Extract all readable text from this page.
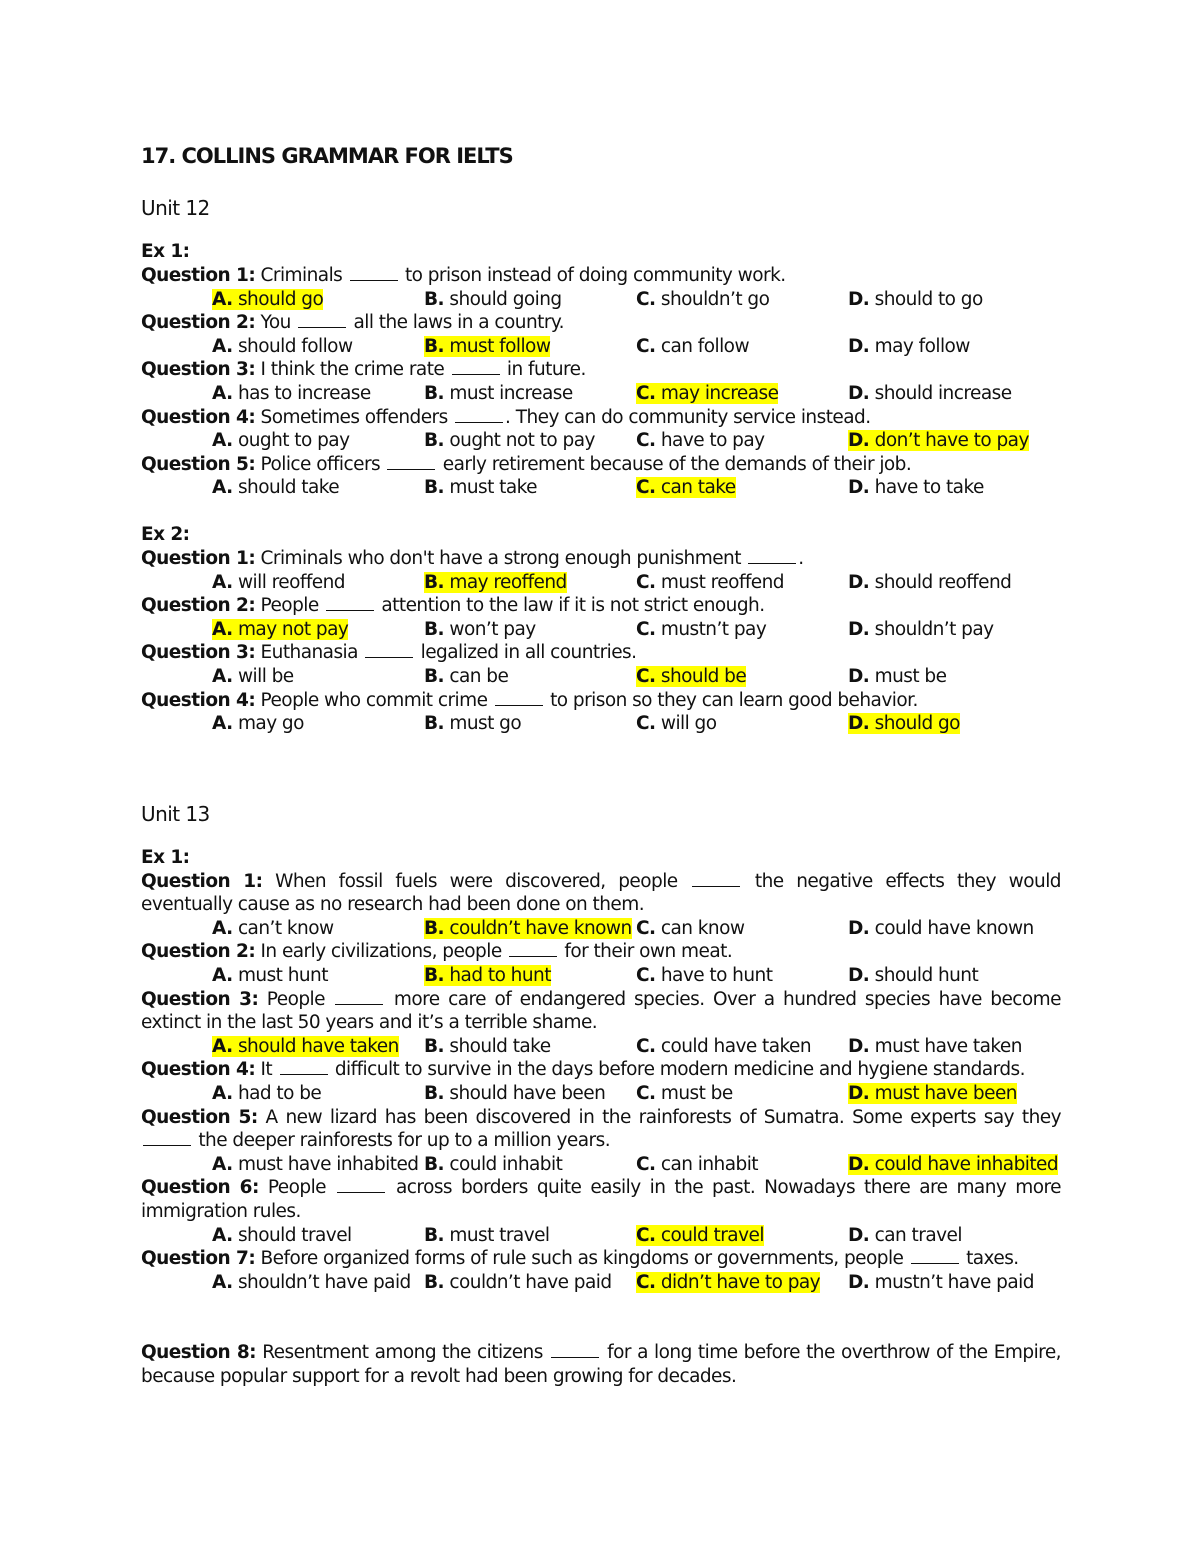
17. COLLINS GRAMMAR FOR IELTS
Unit 12
Ex 1:
Question 1: Criminals	to prison instead of doing community work.
A. should go	B. should going	C. shouldn’t go	D. should to go
Question 2: You	all the laws in a country.
A. should follow	B. must follow	C. can follow	D. may follow
Question 3: I think the crime rate	in future.
A. has to increase	B. must increase	C. may increase	D. should increase
Question 4: Sometimes offenders	. They can do community service instead.
A. ought to pay	B. ought not to pay	C. have to pay	D. don’t have to pay
Question 5: Police officers	early retirement because of the demands of their job.
A. should take	B. must take	C. can take	D. have to take
Ex 2:
Question 1: Criminals who don't have a strong enough punishment	.
A. will reoffend	B. may reoffend	C. must reoffend	D. should reoffend
Question 2: People	attention to the law if it is not strict enough.
A. may not pay	B. won’t pay	C. mustn’t pay	D. shouldn’t pay
Question 3: Euthanasia	legalized in all countries.
A. will be	B. can be	C. should be	D. must be
Question 4: People who commit crime	to prison so they can learn good behavior.
A. may go	B. must go	C. will go	D. should go
Unit 13
Ex 1:
Question 1: When fossil fuels were discovered, people	the negative effects they would eventually cause as no research had been done on them.
A. can’t know	B. couldn’t have known C. can know	D. could have known
Question 2: In early civilizations, people	for their own meat.
A. must hunt	B. had to hunt	C. have to hunt	D. should hunt
Question 3: People	more care of endangered species. Over a hundred species have become extinct in the last 50 years and it’s a terrible shame.
A. should have taken	B. should take	C. could have taken	D. must have taken
Question 4: It	difficult to survive in the days before modern medicine and hygiene standards.
A. had to be	B. should have been	C. must be	D. must have been
Question 5: A new lizard has been discovered in the rainforests of Sumatra. Some experts say they  the deeper rainforests for up to a million years.
A. must have inhabited B. could inhabit	C. can inhabit	D. could have inhabited
Question 6: People	across borders quite easily in the past. Nowadays there are many more immigration rules.
A. should travel	B. must travel	C. could travel	D. can travel
Question 7: Before organized forms of rule such as kingdoms or governments, people	taxes.
A. shouldn’t have paid B. couldn’t have paid	C. didn’t have to pay	D. mustn’t have paid
Question 8: Resentment among the citizens	for a long time before the overthrow of the Empire, because popular support for a revolt had been growing for decades.
